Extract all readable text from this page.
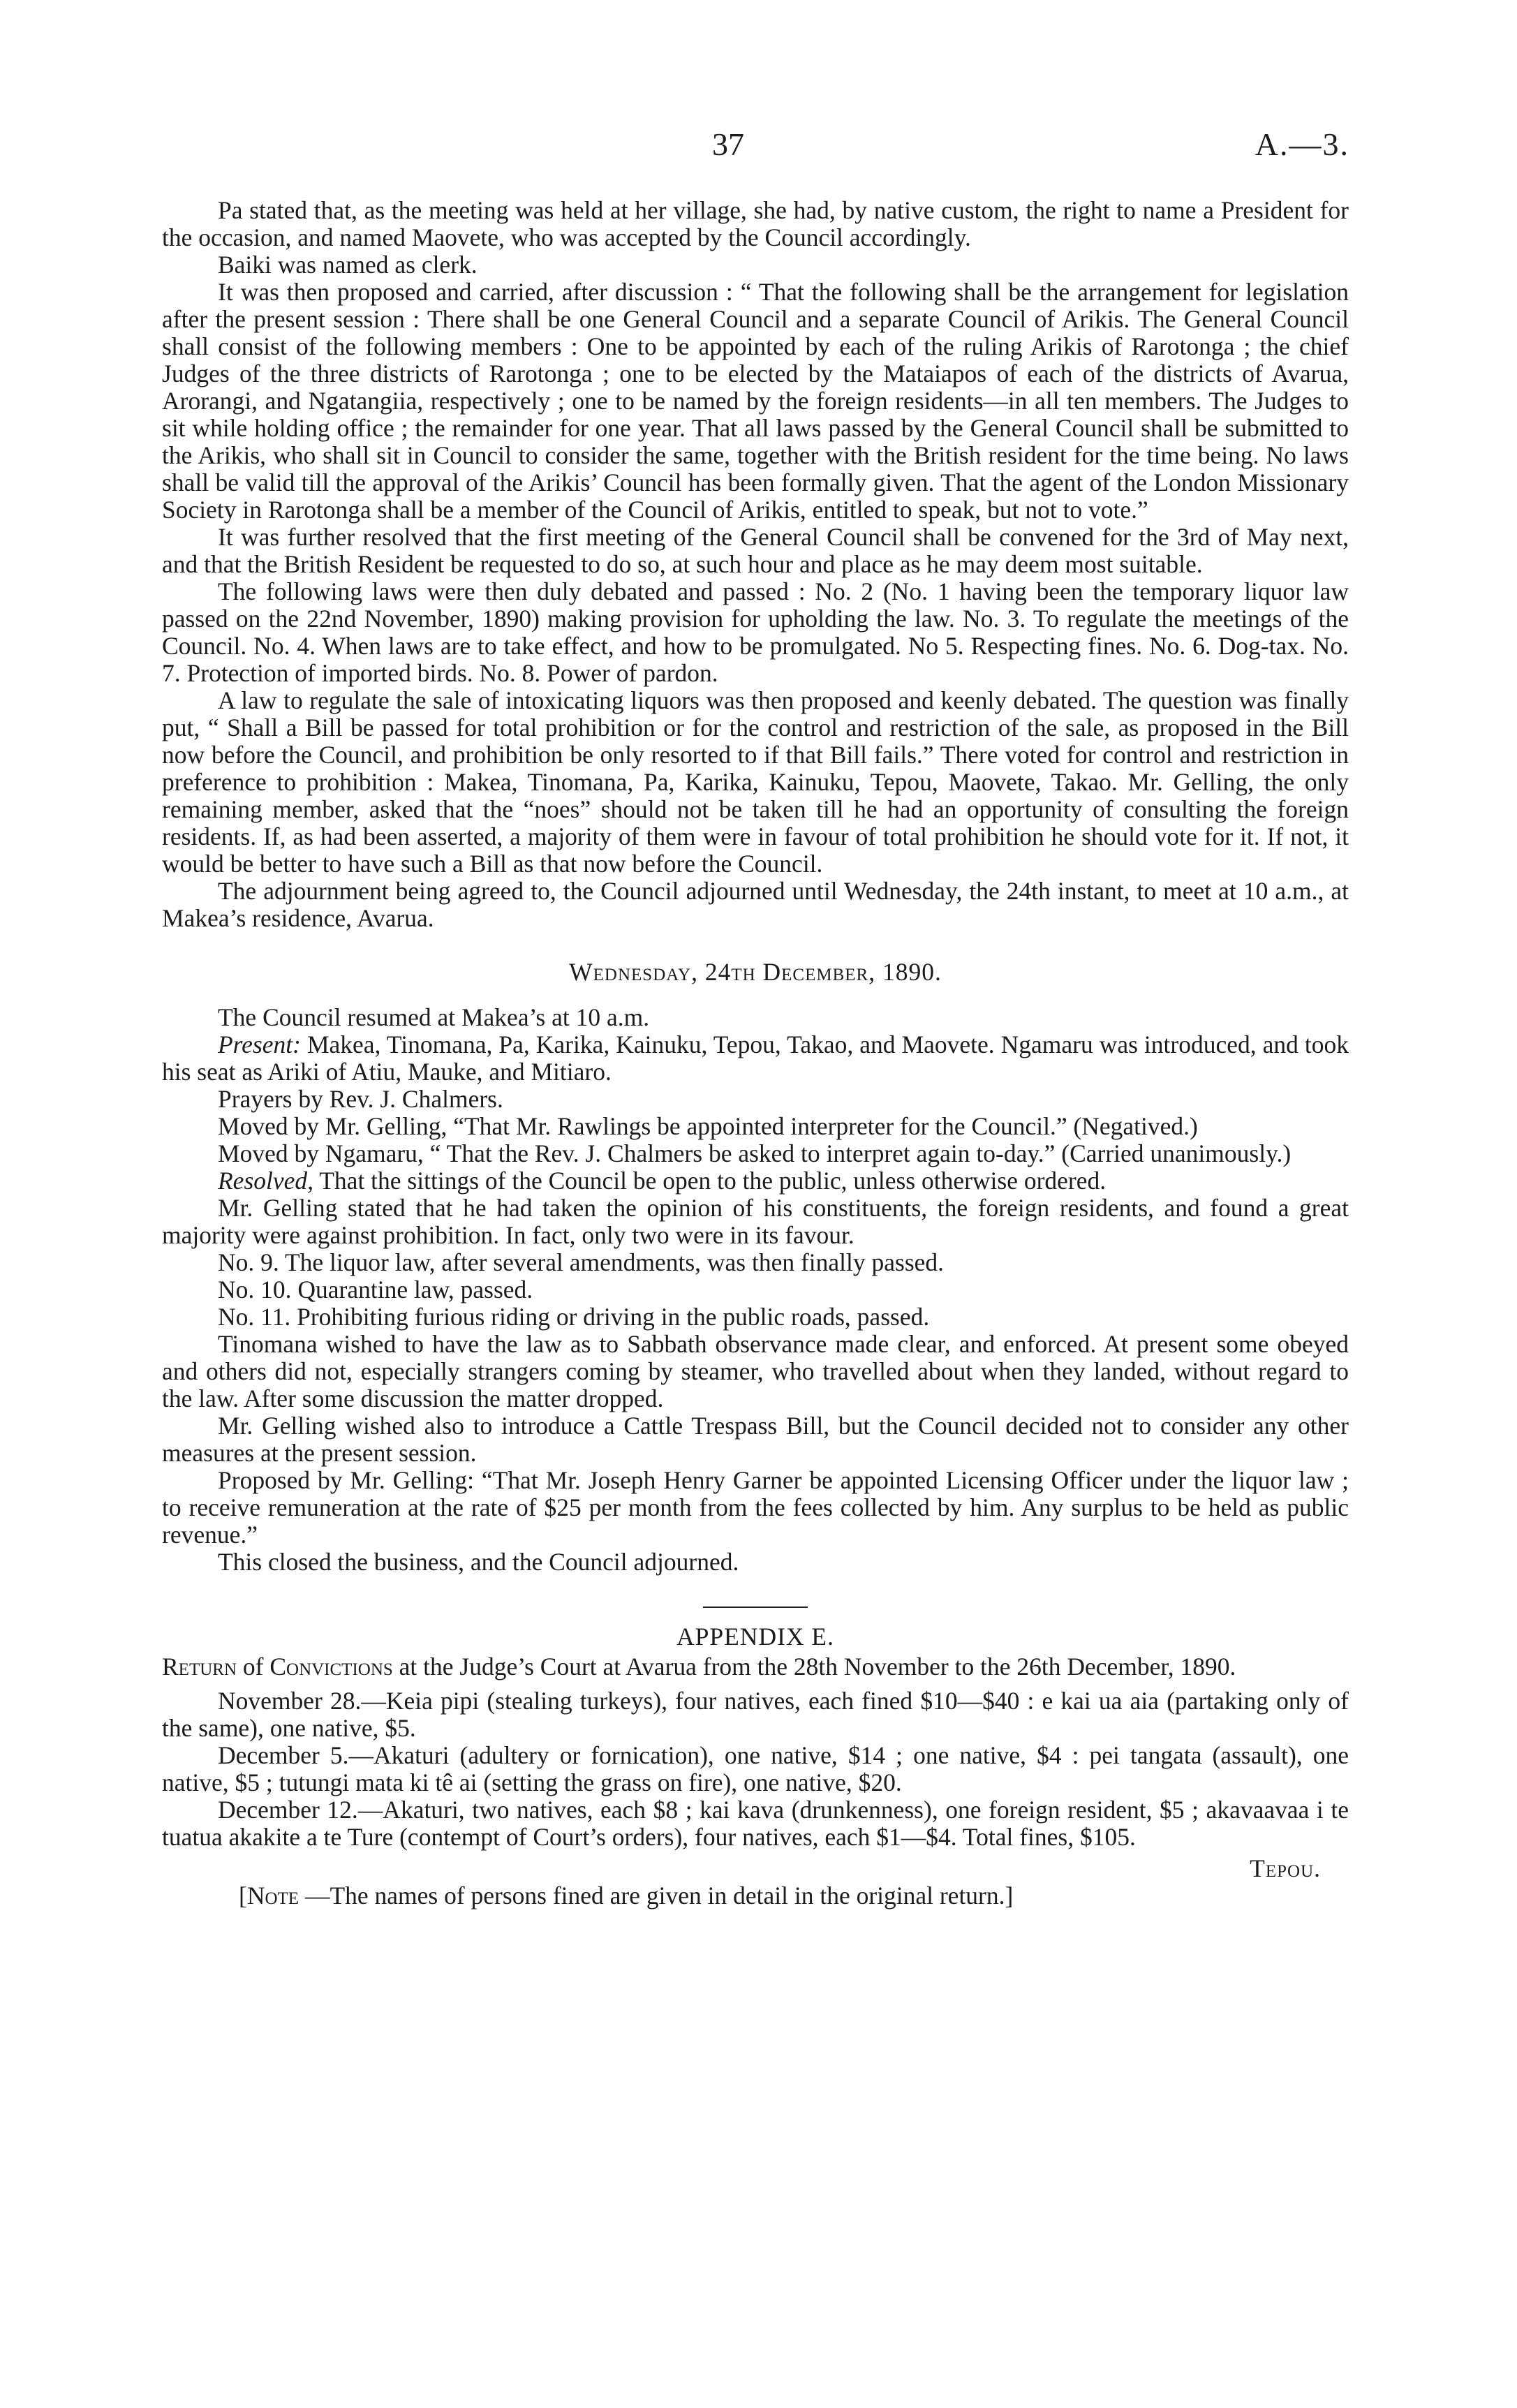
37	A.—3.

Pa stated that, as the meeting was held at her village, she had, by native custom, the right to name a President for the occasion, and named Maovete, who was accepted by the Council accordingly.

Baiki was named as clerk.

It was then proposed and carried, after discussion : “ That the following shall be the arrangement for legislation after the present session : There shall be one General Council and a separate Council of Arikis. The General Council shall consist of the following members : One to be appointed by each of the ruling Arikis of Rarotonga ; the chief Judges of the three districts of Rarotonga ; one to be elected by the Mataiapos of each of the districts of Avarua, Arorangi, and Ngatangiia, respectively ; one to be named by the foreign residents—in all ten members. The Judges to sit while holding office ; the remainder for one year. That all laws passed by the General Council shall be submitted to the Arikis, who shall sit in Council to consider the same, together with the British resident for the time being. No laws shall be valid till the approval of the Arikis’ Council has been formally given. That the agent of the London Missionary Society in Rarotonga shall be a member of the Council of Arikis, entitled to speak, but not to vote.”

It was further resolved that the first meeting of the General Council shall be convened for the 3rd of May next, and that the British Resident be requested to do so, at such hour and place as he may deem most suitable.

The following laws were then duly debated and passed : No. 2 (No. 1 having been the temporary liquor law passed on the 22nd November, 1890) making provision for upholding the law. No. 3. To regulate the meetings of the Council. No. 4. When laws are to take effect, and how to be promulgated. No 5. Respecting fines. No. 6. Dog-tax. No. 7. Protection of imported birds. No. 8. Power of pardon.

A law to regulate the sale of intoxicating liquors was then proposed and keenly debated. The question was finally put, “ Shall a Bill be passed for total prohibition or for the control and restriction of the sale, as proposed in the Bill now before the Council, and prohibition be only resorted to if that Bill fails.” There voted for control and restriction in preference to prohibition : Makea, Tinomana, Pa, Karika, Kainuku, Tepou, Maovete, Takao. Mr. Gelling, the only remaining member, asked that the “noes” should not be taken till he had an opportunity of consulting the foreign residents. If, as had been asserted, a majority of them were in favour of total prohibition he should vote for it. If not, it would be better to have such a Bill as that now before the Council.

The adjournment being agreed to, the Council adjourned until Wednesday, the 24th instant, to meet at 10 a.m., at Makea’s residence, Avarua.

Wednesday, 24th December, 1890.

The Council resumed at Makea’s at 10 a.m.

Present: Makea, Tinomana, Pa, Karika, Kainuku, Tepou, Takao, and Maovete. Ngamaru was introduced, and took his seat as Ariki of Atiu, Mauke, and Mitiaro.

Prayers by Rev. J. Chalmers.

Moved by Mr. Gelling, “That Mr. Rawlings be appointed interpreter for the Council.” (Negatived.)

Moved by Ngamaru, “ That the Rev. J. Chalmers be asked to interpret again to-day.” (Carried unanimously.)

Resolved, That the sittings of the Council be open to the public, unless otherwise ordered.

Mr. Gelling stated that he had taken the opinion of his constituents, the foreign residents, and found a great majority were against prohibition. In fact, only two were in its favour.

No. 9. The liquor law, after several amendments, was then finally passed.

No. 10. Quarantine law, passed.

No. 11. Prohibiting furious riding or driving in the public roads, passed.

Tinomana wished to have the law as to Sabbath observance made clear, and enforced. At present some obeyed and others did not, especially strangers coming by steamer, who travelled about when they landed, without regard to the law. After some discussion the matter dropped.

Mr. Gelling wished also to introduce a Cattle Trespass Bill, but the Council decided not to consider any other measures at the present session.

Proposed by Mr. Gelling: “That Mr. Joseph Henry Garner be appointed Licensing Officer under the liquor law ; to receive remuneration at the rate of $25 per month from the fees collected by him. Any surplus to be held as public revenue.”

This closed the business, and the Council adjourned.

APPENDIX E.

Return of Convictions at the Judge’s Court at Avarua from the 28th November to the 26th December, 1890.

November 28.—Keia pipi (stealing turkeys), four natives, each fined $10—$40 : e kai ua aia (partaking only of the same), one native, $5.

December 5.—Akaturi (adultery or fornication), one native, $14 ; one native, $4 : pei tangata (assault), one native, $5 ; tutungi mata ki tê ai (setting the grass on fire), one native, $20.

December 12.—Akaturi, two natives, each $8 ; kai kava (drunkenness), one foreign resident, $5 ; akavaavaa i te tuatua akakite a te Ture (contempt of Court’s orders), four natives, each $1—$4. Total fines, $105.

Tepou.

[Note —The names of persons fined are given in detail in the original return.]
